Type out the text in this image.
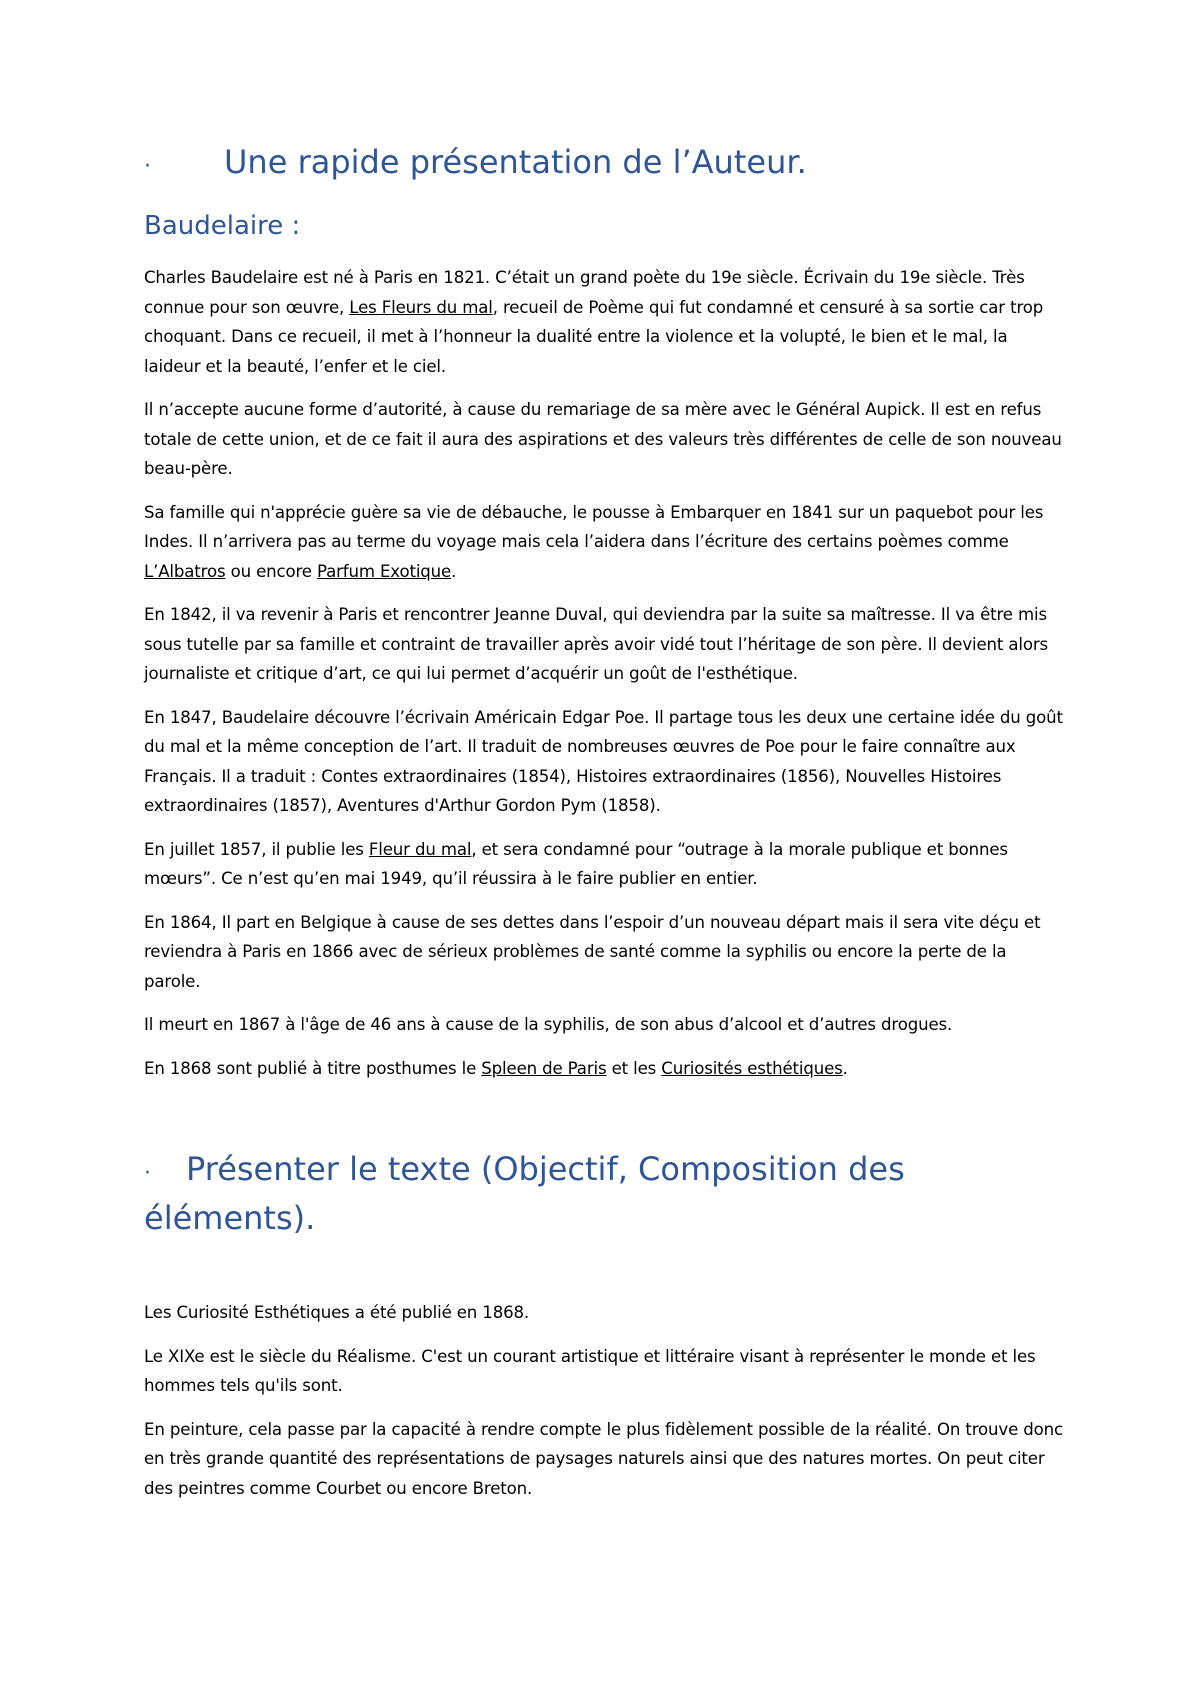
·	Une rapide présentation de l’Auteur.
Baudelaire :

Charles Baudelaire est né à Paris en 1821. C’était un grand poète du 19e siècle. Écrivain du 19e siècle. Très connue pour son œuvre, Les Fleurs du mal, recueil de Poème qui fut condamné et censuré à sa sortie car trop choquant. Dans ce recueil, il met à l’honneur la dualité entre la violence et la volupté, le bien et le mal, la laideur et la beauté, l’enfer et le ciel.

Il n’accepte aucune forme d’autorité, à cause du remariage de sa mère avec le Général Aupick. Il est en refus totale de cette union, et de ce fait il aura des aspirations et des valeurs très différentes de celle de son nouveau beau-père.

Sa famille qui n'apprécie guère sa vie de débauche, le pousse à Embarquer en 1841 sur un paquebot pour les Indes. Il n’arrivera pas au terme du voyage mais cela l’aidera dans l’écriture des certains poèmes comme L’Albatros ou encore Parfum Exotique.

En 1842, il va revenir à Paris et rencontrer Jeanne Duval, qui deviendra par la suite sa maîtresse. Il va être mis sous tutelle par sa famille et contraint de travailler après avoir vidé tout l’héritage de son père. Il devient alors journaliste et critique d’art, ce qui lui permet d’acquérir un goût de l'esthétique.

En 1847, Baudelaire découvre l’écrivain Américain Edgar Poe. Il partage tous les deux une certaine idée du goût du mal et la même conception de l’art. Il traduit de nombreuses œuvres de Poe pour le faire connaître aux Français. Il a traduit : Contes extraordinaires (1854), Histoires extraordinaires (1856), Nouvelles Histoires extraordinaires (1857), Aventures d'Arthur Gordon Pym (1858).

En juillet 1857, il publie les Fleur du mal, et sera condamné pour “outrage à la morale publique et bonnes mœurs”. Ce n’est qu’en mai 1949, qu’il réussira à le faire publier en entier.

En 1864, Il part en Belgique à cause de ses dettes dans l’espoir d’un nouveau départ mais il sera vite déçu et reviendra à Paris en 1866 avec de sérieux problèmes de santé comme la syphilis ou encore la perte de la parole.

Il meurt en 1867 à l'âge de 46 ans à cause de la syphilis, de son abus d’alcool et d’autres drogues.

En 1868 sont publié à titre posthumes le Spleen de Paris et les Curiosités esthétiques.

· Présenter le texte (Objectif, Composition des éléments).

Les Curiosité Esthétiques a été publié en 1868.

Le XIXe est le siècle du Réalisme. C'est un courant artistique et littéraire visant à représenter le monde et les hommes tels qu'ils sont.

En peinture, cela passe par la capacité à rendre compte le plus fidèlement possible de la réalité. On trouve donc en très grande quantité des représentations de paysages naturels ainsi que des natures mortes. On peut citer des peintres comme Courbet ou encore Breton.
